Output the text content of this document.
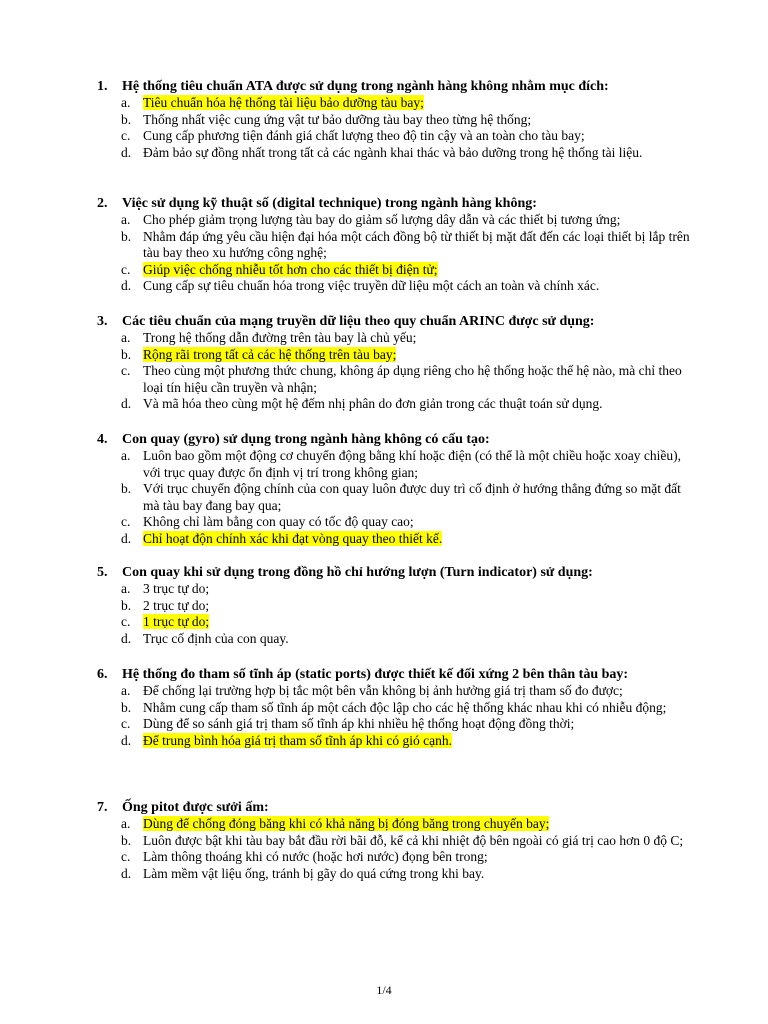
1. Hệ thống tiêu chuẩn ATA được sử dụng trong ngành hàng không nhằm mục đích:
a. Tiêu chuẩn hóa hệ thống tài liệu bảo dưỡng tàu bay;
b. Thống nhất việc cung ứng vật tư bảo dưỡng tàu bay theo từng hệ thống;
c. Cung cấp phương tiện đánh giá chất lượng theo độ tin cậy và an toàn cho tàu bay;
d. Đảm bảo sự đồng nhất trong tất cả các ngành khai thác và bảo dưỡng trong hệ thống tài liệu.
2. Việc sử dụng kỹ thuật số (digital technique) trong ngành hàng không:
a. Cho phép giảm trọng lượng tàu bay do giảm số lượng dây dẫn và các thiết bị tương ứng;
b. Nhằm đáp ứng yêu cầu hiện đại hóa một cách đồng bộ từ thiết bị mặt đất đến các loại thiết bị lắp trên tàu bay theo xu hướng công nghệ;
c. Giúp việc chống nhiễu tốt hơn cho các thiết bị điện tử;
d. Cung cấp sự tiêu chuẩn hóa trong việc truyền dữ liệu một cách an toàn và chính xác.
3. Các tiêu chuẩn của mạng truyền dữ liệu theo quy chuẩn ARINC được sử dụng:
a. Trong hệ thống dẫn đường trên tàu bay là chủ yếu;
b. Rộng rãi trong tất cả các hệ thống trên tàu bay;
c. Theo cùng một phương thức chung, không áp dụng riêng cho hệ thống hoặc thế hệ nào, mà chỉ theo loại tín hiệu cần truyền và nhận;
d. Và mã hóa theo cùng một hệ đếm nhị phân do đơn giản trong các thuật toán sử dụng.
4. Con quay (gyro) sử dụng trong ngành hàng không có cấu tạo:
a. Luôn bao gồm một động cơ chuyển động bằng khí hoặc điện (có thể là một chiều hoặc xoay chiều), với trục quay được ổn định vị trí trong không gian;
b. Với trục chuyển động chính của con quay luôn được duy trì cố định ở hướng thẳng đứng so mặt đất mà tàu bay đang bay qua;
c. Không chỉ làm bằng con quay có tốc độ quay cao;
d. Chỉ hoạt độn chính xác khi đạt vòng quay theo thiết kế.
5. Con quay khi sử dụng trong đồng hồ chỉ hướng lượn (Turn indicator) sử dụng:
a. 3 trục tự do;
b. 2 trục tự do;
c. 1 trục tự do;
d. Trục cố định của con quay.
6. Hệ thống đo tham số tĩnh áp (static ports) được thiết kế đối xứng 2 bên thân tàu bay:
a. Để chống lại trường hợp bị tắc một bên vẫn không bị ảnh hưởng giá trị tham số đo được;
b. Nhằm cung cấp tham số tĩnh áp một cách độc lập cho các hệ thống khác nhau khi có nhiễu động;
c. Dùng để so sánh giá trị tham số tĩnh áp khi nhiều hệ thống hoạt động đồng thời;
d. Để trung bình hóa giá trị tham số tĩnh áp khi có gió cạnh.
7. Ống pitot được sưởi ấm:
a. Dùng để chống đóng băng khi có khả năng bị đóng băng trong chuyến bay;
b. Luôn được bật khi tàu bay bắt đầu rời bãi đỗ, kể cả khi nhiệt độ bên ngoài có giá trị cao hơn 0 độ C;
c. Làm thông thoáng khi có nước (hoặc hơi nước) đọng bên trong;
d. Làm mềm vật liệu ống, tránh bị gãy do quá cứng trong khi bay.
1/4
